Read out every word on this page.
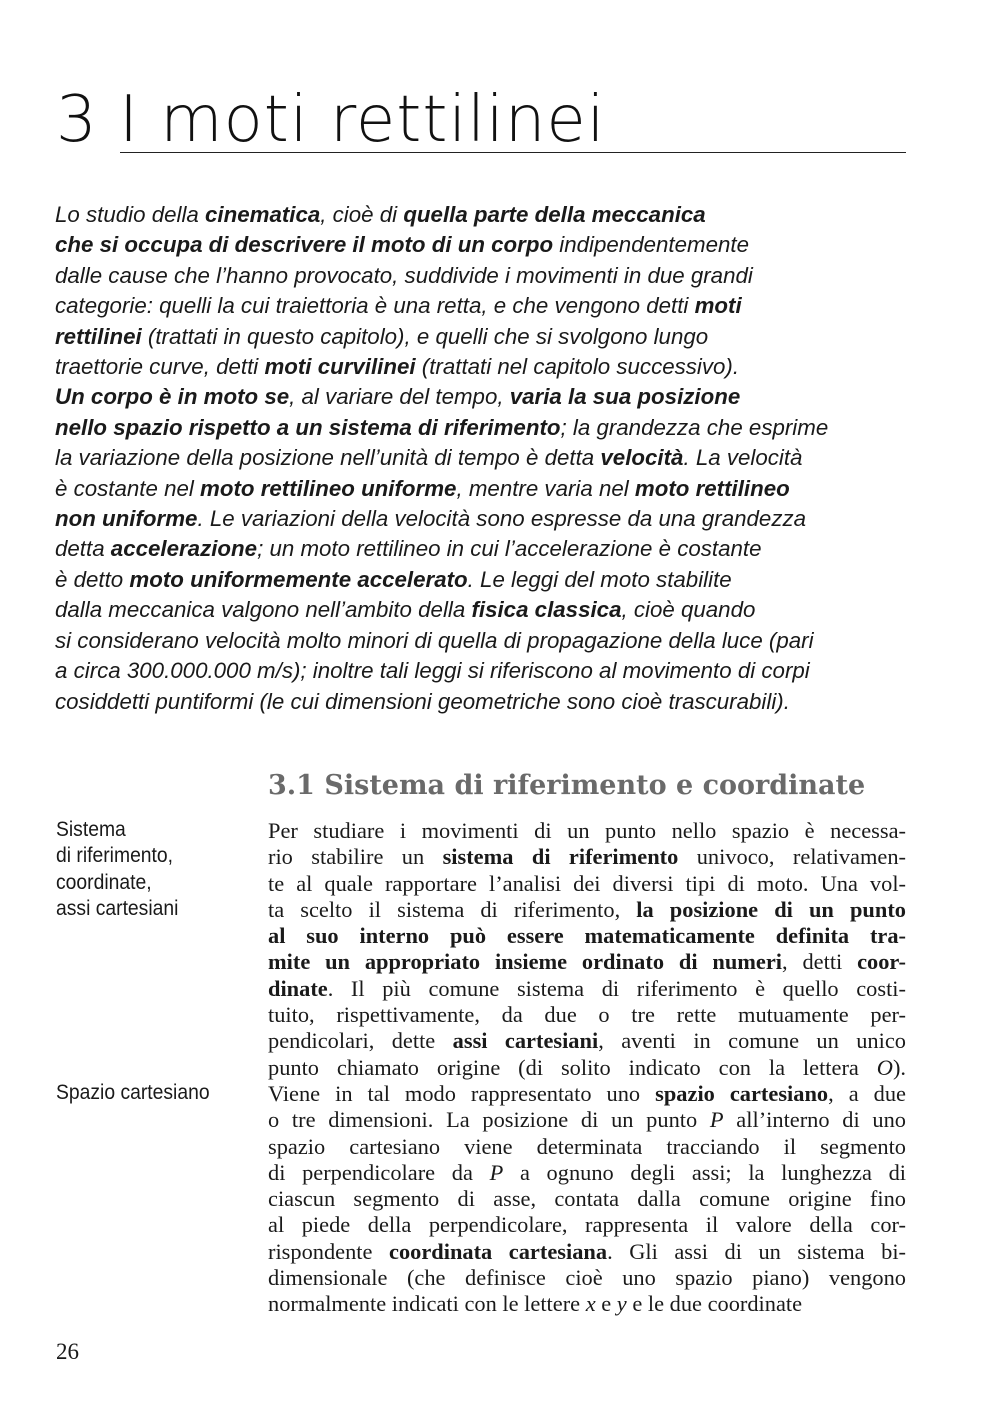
3 I moti rettilinei
Lo studio della cinematica, cioè di quella parte della meccanica
che si occupa di descrivere il moto di un corpo indipendentemente
dalle cause che l’hanno provocato, suddivide i movimenti in due grandi
categorie: quelli la cui traiettoria è una retta, e che vengono detti moti
rettilinei (trattati in questo capitolo), e quelli che si svolgono lungo
traettorie curve, detti moti curvilinei (trattati nel capitolo successivo).
Un corpo è in moto se, al variare del tempo, varia la sua posizione
nello spazio rispetto a un sistema di riferimento; la grandezza che esprime
la variazione della posizione nell’unità di tempo è detta velocità. La velocità
è costante nel moto rettilineo uniforme, mentre varia nel moto rettilineo
non uniforme. Le variazioni della velocità sono espresse da una grandezza
detta accelerazione; un moto rettilineo in cui l’accelerazione è costante
è detto moto uniformemente accelerato. Le leggi del moto stabilite
dalla meccanica valgono nell’ambito della fisica classica, cioè quando
si considerano velocità molto minori di quella di propagazione della luce (pari
a circa 300.000.000 m/s); inoltre tali leggi si riferiscono al movimento di corpi
cosiddetti puntiformi (le cui dimensioni geometriche sono cioè trascurabili).
3.1 Sistema di riferimento e coordinate
Sistema
di riferimento,
coordinate,
assi cartesiani
Spazio cartesiano
Per studiare i movimenti di un punto nello spazio è necessa-
rio stabilire un sistema di riferimento univoco, relativamen-
te al quale rapportare l’analisi dei diversi tipi di moto. Una vol-
ta scelto il sistema di riferimento, la posizione di un punto
al suo interno può essere matematicamente definita tra-
mite un appropriato insieme ordinato di numeri, detti coor-
dinate. Il più comune sistema di riferimento è quello costi-
tuito, rispettivamente, da due o tre rette mutuamente per-
pendicolari, dette assi cartesiani, aventi in comune un unico
punto chiamato origine (di solito indicato con la lettera O).
Viene in tal modo rappresentato uno spazio cartesiano, a due
o tre dimensioni. La posizione di un punto P all’interno di uno
spazio cartesiano viene determinata tracciando il segmento
di perpendicolare da P a ognuno degli assi; la lunghezza di
ciascun segmento di asse, contata dalla comune origine fino
al piede della perpendicolare, rappresenta il valore della cor-
rispondente coordinata cartesiana. Gli assi di un sistema bi-
dimensionale (che definisce cioè uno spazio piano) vengono
normalmente indicati con le lettere x e y e le due coordinate
26
